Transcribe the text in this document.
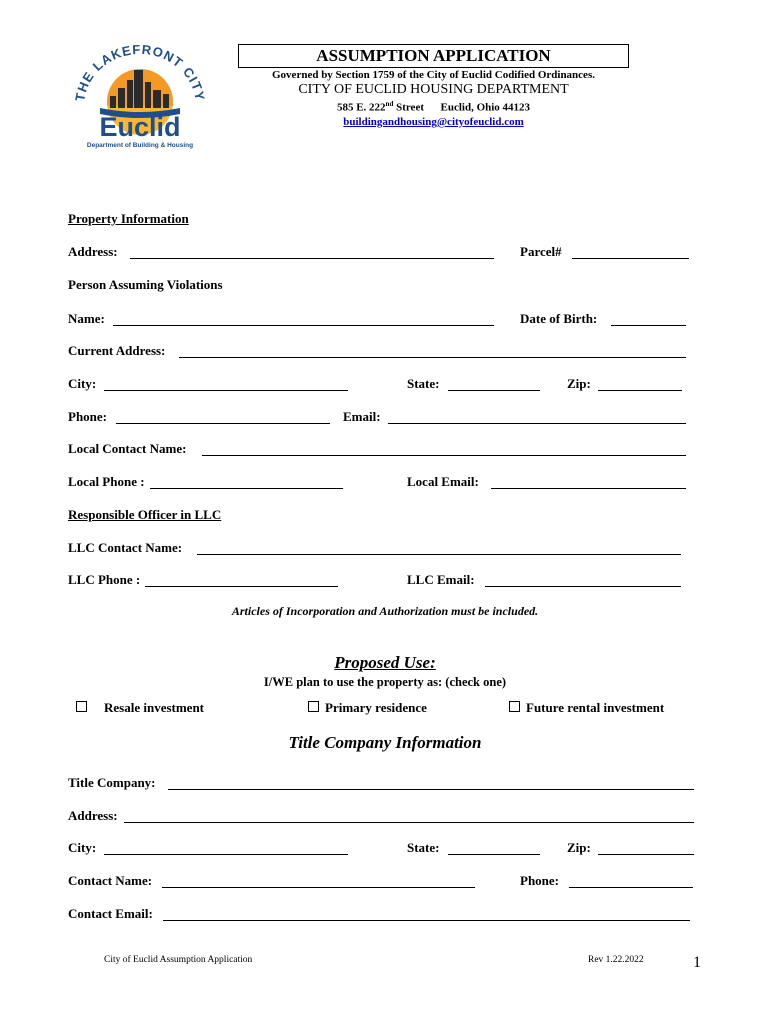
THE LAKEFRONT CITY
Euclid
Department of Building & Housing
ASSUMPTION APPLICATION
Governed by Section 1759 of the City of Euclid Codified Ordinances.
CITY OF EUCLID HOUSING DEPARTMENT
585 E. 222nd Street Euclid, Ohio 44123
buildingandhousing@cityofeuclid.com
Property Information
Address:	Parcel#
Person Assuming Violations
Name:	Date of Birth:
Current Address:
City:	State:	Zip:
Phone:	Email:
Local Contact Name:
Local Phone :	Local Email:
Responsible Officer in LLC
LLC Contact Name:
LLC Phone :	LLC Email:
Articles of Incorporation and Authorization must be included.
Proposed Use:
I/WE plan to use the property as: (check one)
Resale investment	Primary residence	Future rental investment
Title Company Information
Title Company:
Address:
City:	State:	Zip:
Contact Name:	Phone:
Contact Email:
City of Euclid Assumption Application	Rev 1.22.2022	1
